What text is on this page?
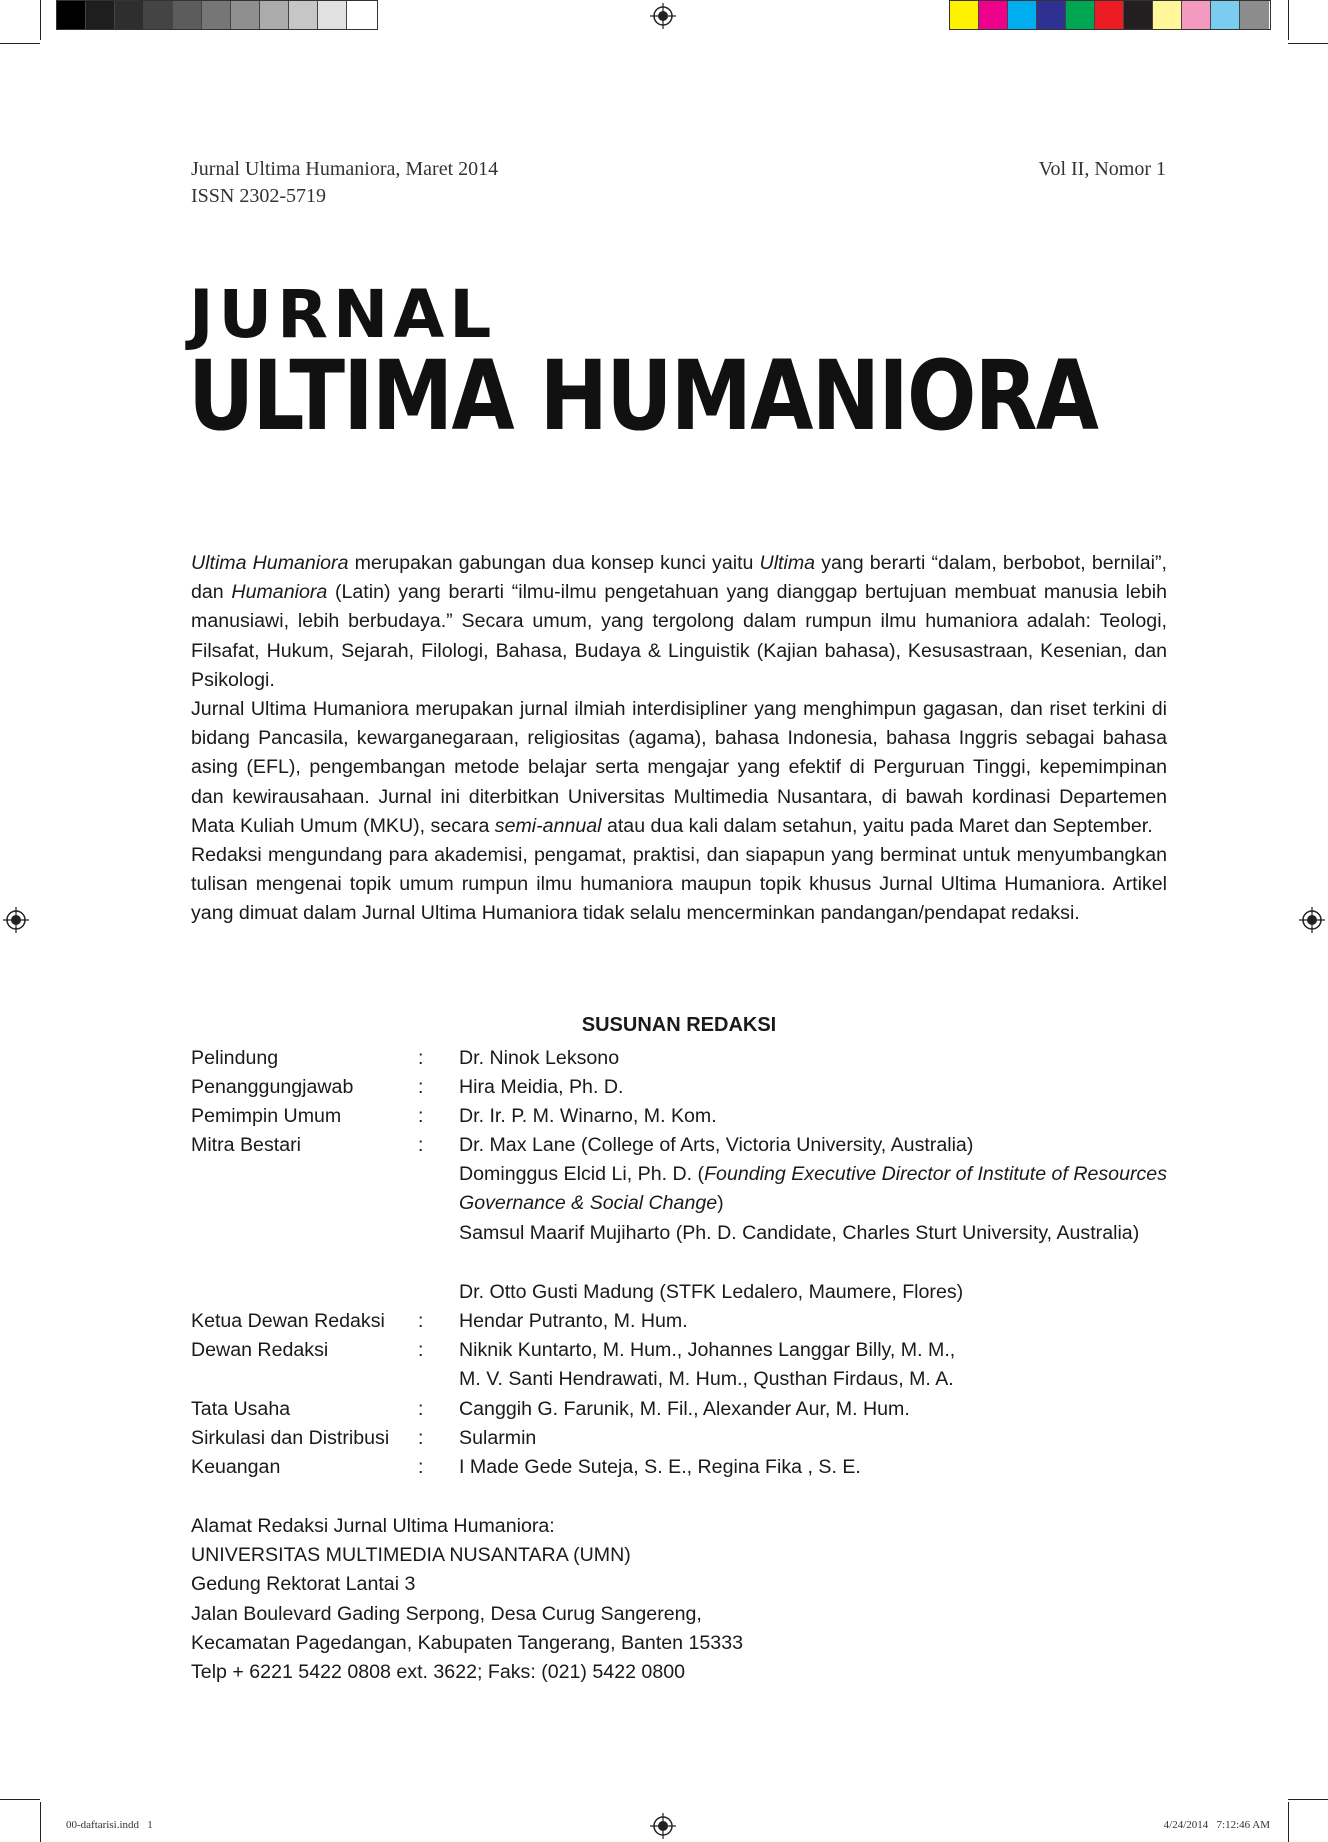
Jurnal Ultima Humaniora, Maret 2014
ISSN 2302-5719
Vol II, Nomor 1
JURNAL
ULTIMA HUMANIORA

Ultima Humaniora merupakan gabungan dua konsep kunci yaitu Ultima yang berarti “dalam, berbobot, bernilai”, dan Humaniora (Latin) yang berarti “ilmu-ilmu pengetahuan yang dianggap bertujuan membuat manusia lebih manusiawi, lebih berbudaya.” Secara umum, yang tergolong dalam rumpun ilmu humaniora adalah: Teologi, Filsafat, Hukum, Sejarah, Filologi, Bahasa, Budaya & Linguistik (Kajian bahasa), Kesusastraan, Kesenian, dan Psikologi.

Jurnal Ultima Humaniora merupakan jurnal ilmiah interdisipliner yang menghimpun gagasan, dan riset terkini di bidang Pancasila, kewarganegaraan, religiositas (agama), bahasa Indonesia, bahasa Inggris sebagai bahasa asing (EFL), pengembangan metode belajar serta mengajar yang efektif di Perguruan Tinggi, kepemimpinan dan kewirausahaan. Jurnal ini diterbitkan Universitas Multimedia Nusantara, di bawah kordinasi Departemen Mata Kuliah Umum (MKU), secara semi-annual atau dua kali dalam setahun, yaitu pada Maret dan September.

Redaksi mengundang para akademisi, pengamat, praktisi, dan siapapun yang berminat untuk menyumbangkan tulisan mengenai topik umum rumpun ilmu humaniora maupun topik khusus Jurnal Ultima Humaniora. Artikel yang dimuat dalam Jurnal Ultima Humaniora tidak selalu mencerminkan pandangan/pendapat redaksi.

SUSUNAN REDAKSI
Pelindung	: Dr. Ninok Leksono
Penanggungjawab	: Hira Meidia, Ph. D.
Pemimpin Umum	: Dr. Ir. P. M. Winarno, M. Kom.
Mitra Bestari	: Dr. Max Lane (College of Arts, Victoria University, Australia)
Dominggus Elcid Li, Ph. D. (Founding Executive Director of Institute of Resources Governance & Social Change)
Samsul Maarif Mujiharto (Ph. D. Candidate, Charles Sturt University, Australia)
Dr. Otto Gusti Madung (STFK Ledalero, Maumere, Flores)
Ketua Dewan Redaksi : Hendar Putranto, M. Hum.
Dewan Redaksi	: Niknik Kuntarto, M. Hum., Johannes Langgar Billy, M. M.,
M. V. Santi Hendrawati, M. Hum., Qusthan Firdaus, M. A.
Tata Usaha	: Canggih G. Farunik, M. Fil., Alexander Aur, M. Hum.
Sirkulasi dan Distribusi : Sularmin
Keuangan	: I Made Gede Suteja, S. E., Regina Fika , S. E.
Alamat Redaksi Jurnal Ultima Humaniora:
UNIVERSITAS MULTIMEDIA NUSANTARA (UMN)
Gedung Rektorat Lantai 3
Jalan Boulevard Gading Serpong, Desa Curug Sangereng,
Kecamatan Pagedangan, Kabupaten Tangerang, Banten 15333
Telp + 6221 5422 0808 ext. 3622; Faks: (021) 5422 0800
00-daftarisi.indd   1	4/24/2014   7:12:46 AM
